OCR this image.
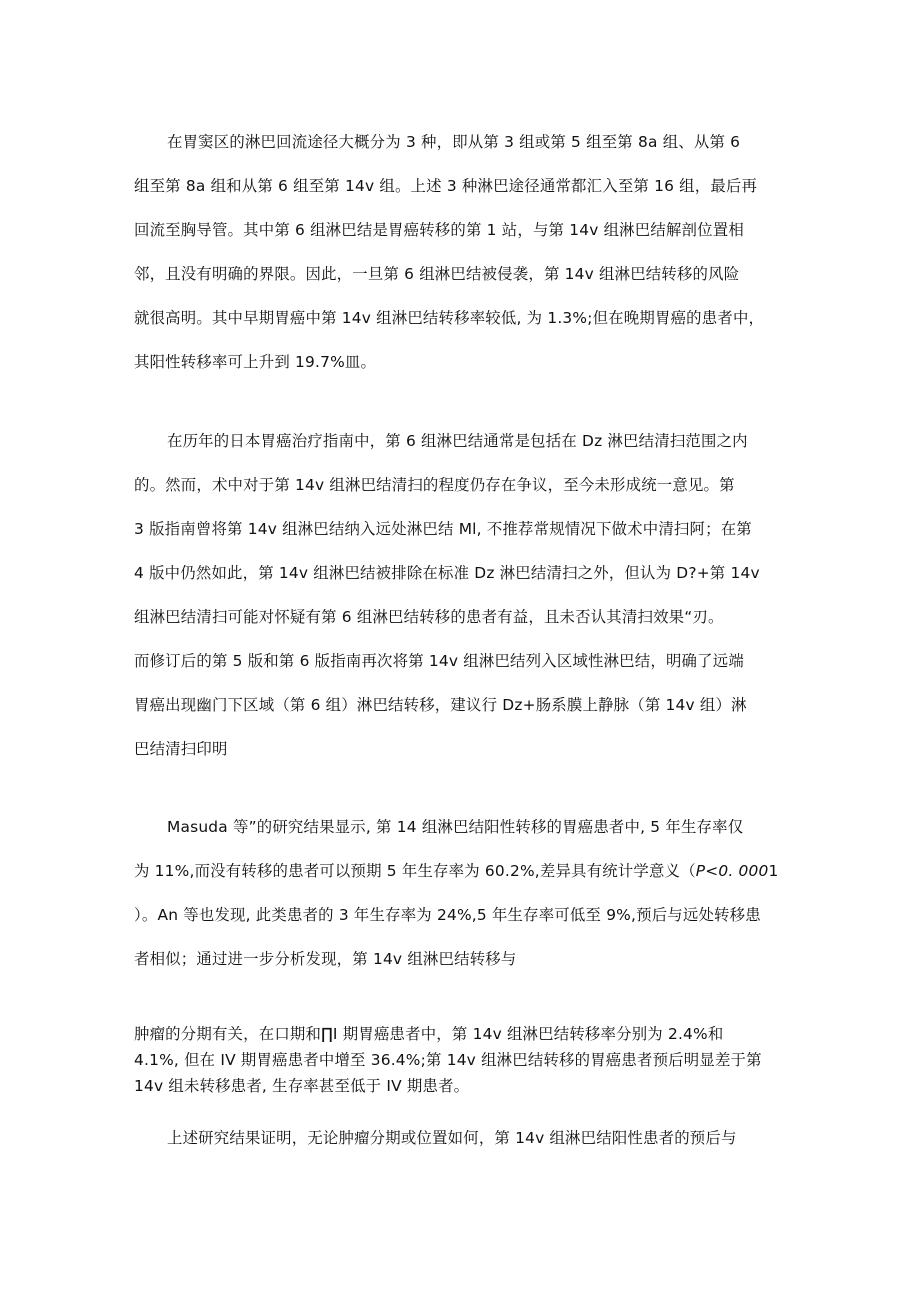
在胃窦区的淋巴回流途径大概分为 3 种，即从第 3 组或第 5 组至第 8a 组、从第 6

组至第 8a 组和从第 6 组至第 14v 组。上述 3 种淋巴途径通常都汇入至第 16 组，最后再

回流至胸导管。其中第 6 组淋巴结是胃癌转移的第 1 站，与第 14v 组淋巴结解剖位置相

邻，且没有明确的界限。因此，一旦第 6 组淋巴结被侵袭，第 14v 组淋巴结转移的风险

就很高明。其中早期胃癌中第 14v 组淋巴结转移率较低, 为 1.3%;但在晚期胃癌的患者中，

其阳性转移率可上升到 19.7%皿。

在历年的日本胃癌治疗指南中，第 6 组淋巴结通常是包括在 Dz 淋巴结清扫范围之内

的。然而，术中对于第 14v 组淋巴结清扫的程度仍存在争议，至今未形成统一意见。第

3 版指南曾将第 14v 组淋巴结纳入远处淋巴结 Ml, 不推荐常规情况下做术中清扫阿；在第

4 版中仍然如此，第 14v 组淋巴结被排除在标准 Dz 淋巴结清扫之外，但认为 D?+第 14v

组淋巴结清扫可能对怀疑有第 6 组淋巴结转移的患者有益，且未否认其清扫效果“刃。

而修订后的第 5 版和第 6 版指南再次将第 14v 组淋巴结列入区域性淋巴结，明确了远端

胃癌出现幽门下区域（第 6 组）淋巴结转移，建议行 Dz+肠系膜上静脉（第 14v 组）淋

巴结清扫印明

Masuda 等”的研究结果显示, 第 14 组淋巴结阳性转移的胃癌患者中, 5 年生存率仅

为 11%,而没有转移的患者可以预期 5 年生存率为 60.2%,差异具有统计学意义（P<0. 0001

）。An 等也发现, 此类患者的 3 年生存率为 24%,5 年生存率可低至 9%,预后与远处转移患

者相似；通过进一步分析发现，第 14v 组淋巴结转移与

肿瘤的分期有关，在口期和∏I 期胃癌患者中，第 14v 组淋巴结转移率分别为 2.4%和

4.1%, 但在 IV 期胃癌患者中增至 36.4%;第 14v 组淋巴结转移的胃癌患者预后明显差于第

14v 组未转移患者, 生存率甚至低于 IV 期患者。

上述研究结果证明，无论肿瘤分期或位置如何，第 14v 组淋巴结阳性患者的预后与
